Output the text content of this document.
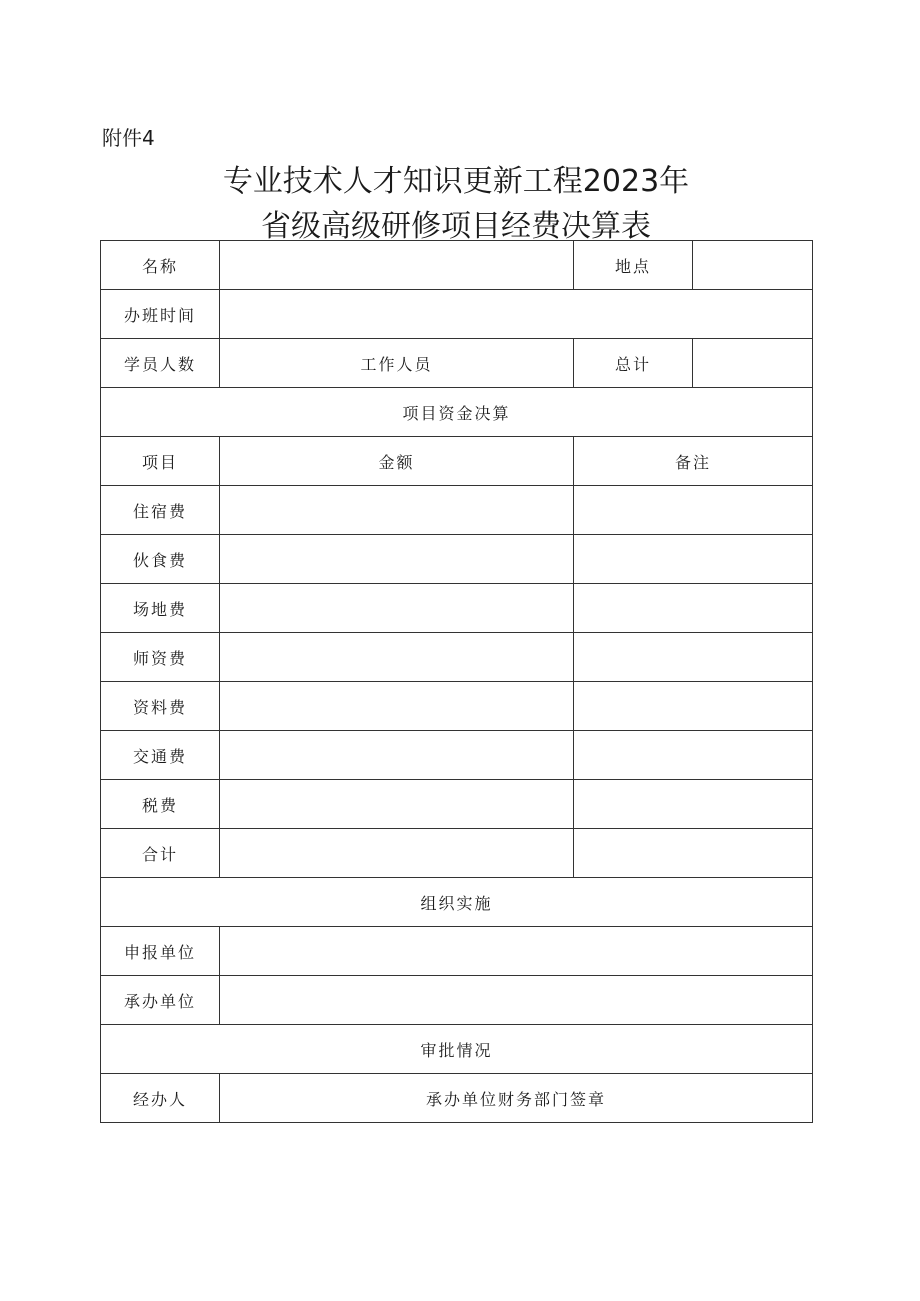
附件4
专业技术人才知识更新工程2023年
省级高级研修项目经费决算表
名称		地点	
办班时间			
学员人数	工作人员	总计	
项目资金决算			
项目	金额	备注	
住宿费			
伙食费			
场地费			
师资费			
资料费			
交通费			
税费			
合计			
组织实施			
申报单位			
承办单位			
审批情况			
经办人	承办单位财务部门签章		
